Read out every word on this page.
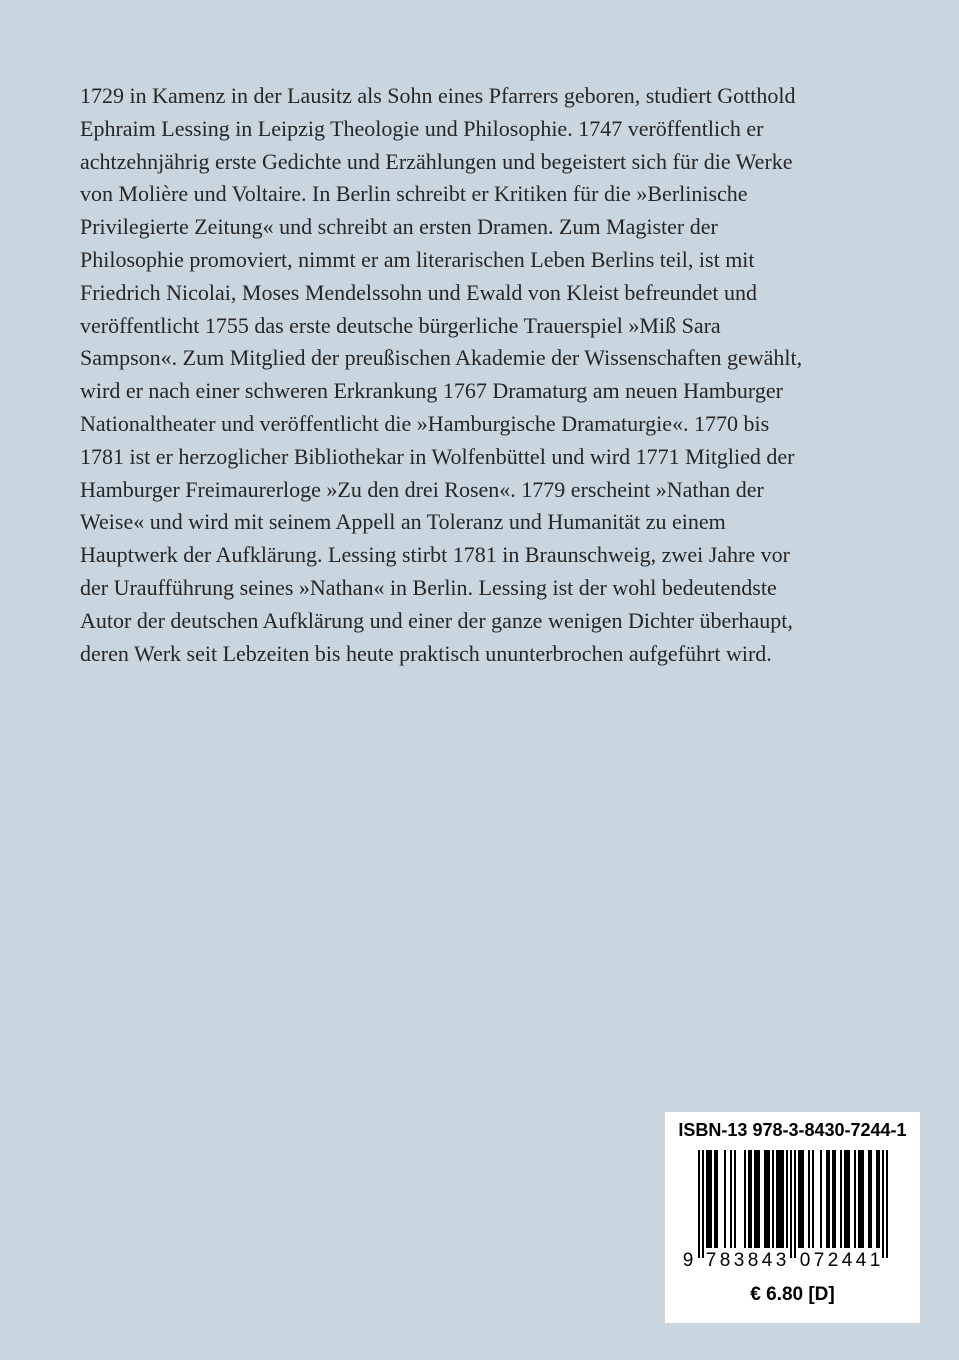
1729 in Kamenz in der Lausitz als Sohn eines Pfarrers geboren, studiert Gotthold
Ephraim Lessing in Leipzig Theologie und Philosophie. 1747 veröffentlich er
achtzehnjährig erste Gedichte und Erzählungen und begeistert sich für die Werke
von Molière und Voltaire. In Berlin schreibt er Kritiken für die »Berlinische
Privilegierte Zeitung« und schreibt an ersten Dramen. Zum Magister der
Philosophie promoviert, nimmt er am literarischen Leben Berlins teil, ist mit
Friedrich Nicolai, Moses Mendelssohn und Ewald von Kleist befreundet und
veröffentlicht 1755 das erste deutsche bürgerliche Trauerspiel »Miß Sara
Sampson«. Zum Mitglied der preußischen Akademie der Wissenschaften gewählt,
wird er nach einer schweren Erkrankung 1767 Dramaturg am neuen Hamburger
Nationaltheater und veröffentlicht die »Hamburgische Dramaturgie«. 1770 bis
1781 ist er herzoglicher Bibliothekar in Wolfenbüttel und wird 1771 Mitglied der
Hamburger Freimaurerloge »Zu den drei Rosen«. 1779 erscheint »Nathan der
Weise« und wird mit seinem Appell an Toleranz und Humanität zu einem
Hauptwerk der Aufklärung. Lessing stirbt 1781 in Braunschweig, zwei Jahre vor
der Uraufführung seines »Nathan« in Berlin. Lessing ist der wohl bedeutendste
Autor der deutschen Aufklärung und einer der ganze wenigen Dichter überhaupt,
deren Werk seit Lebzeiten bis heute praktisch ununterbrochen aufgeführt wird.
ISBN-13 978-3-8430-7244-1
9 7 8 3 8 4 3 0 7 2 4 4 1
€ 6.80 [D]
